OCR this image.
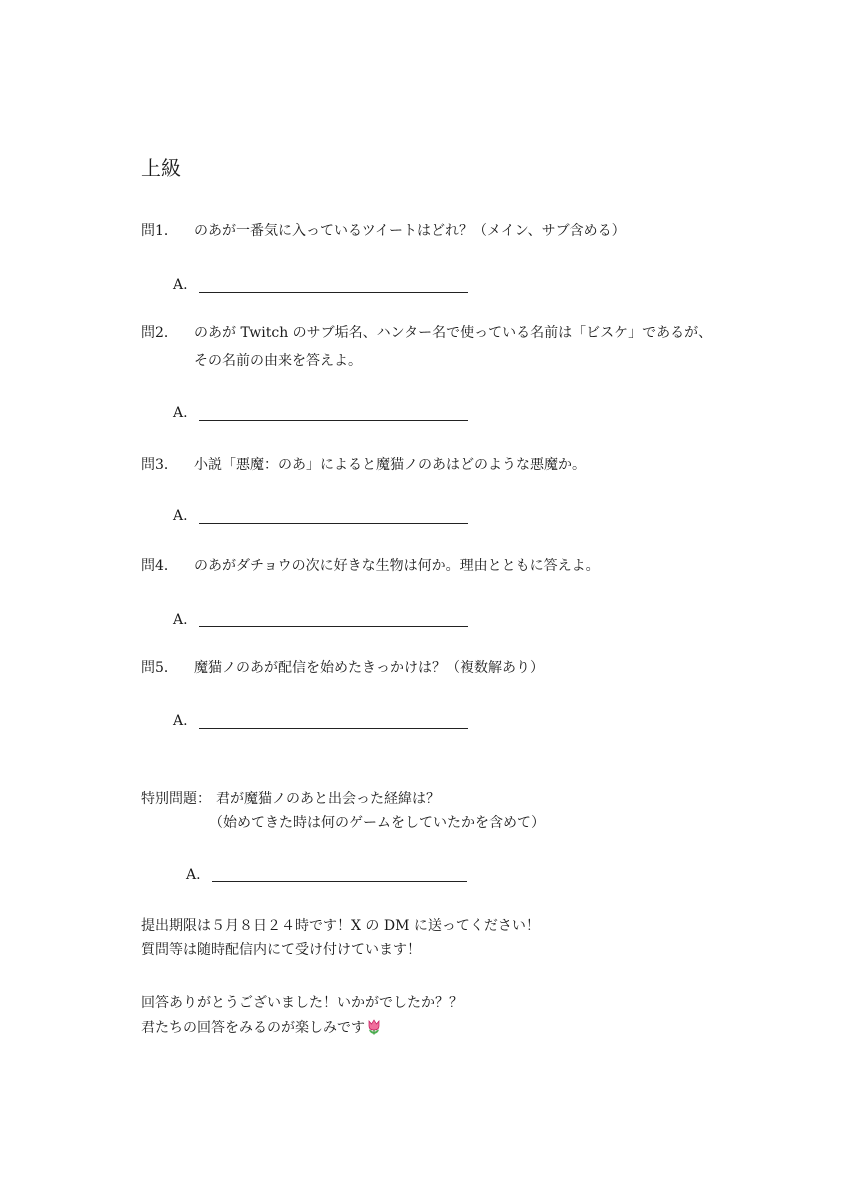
上級
問1． のあが一番気に入っているツイートはどれ？（メイン、サブ含める）
A.
問2． のあが Twitch のサブ垢名、ハンター名で使っている名前は「ビスケ」であるが、
その名前の由来を答えよ。
A.
問3． 小説「悪魔：のあ」によると魔猫ノのあはどのような悪魔か。
A.
問4． のあがダチョウの次に好きな生物は何か。理由とともに答えよ。
A.
問5． 魔猫ノのあが配信を始めたきっかけは？（複数解あり）
A.
特別問題： 君が魔猫ノのあと出会った経緯は？
（始めてきた時は何のゲームをしていたかを含めて）
A.
提出期限は５月８日２４時です！X の DM に送ってください！
質問等は随時配信内にて受け付けています！
回答ありがとうございました！いかがでしたか？？
君たちの回答をみるのが楽しみです
